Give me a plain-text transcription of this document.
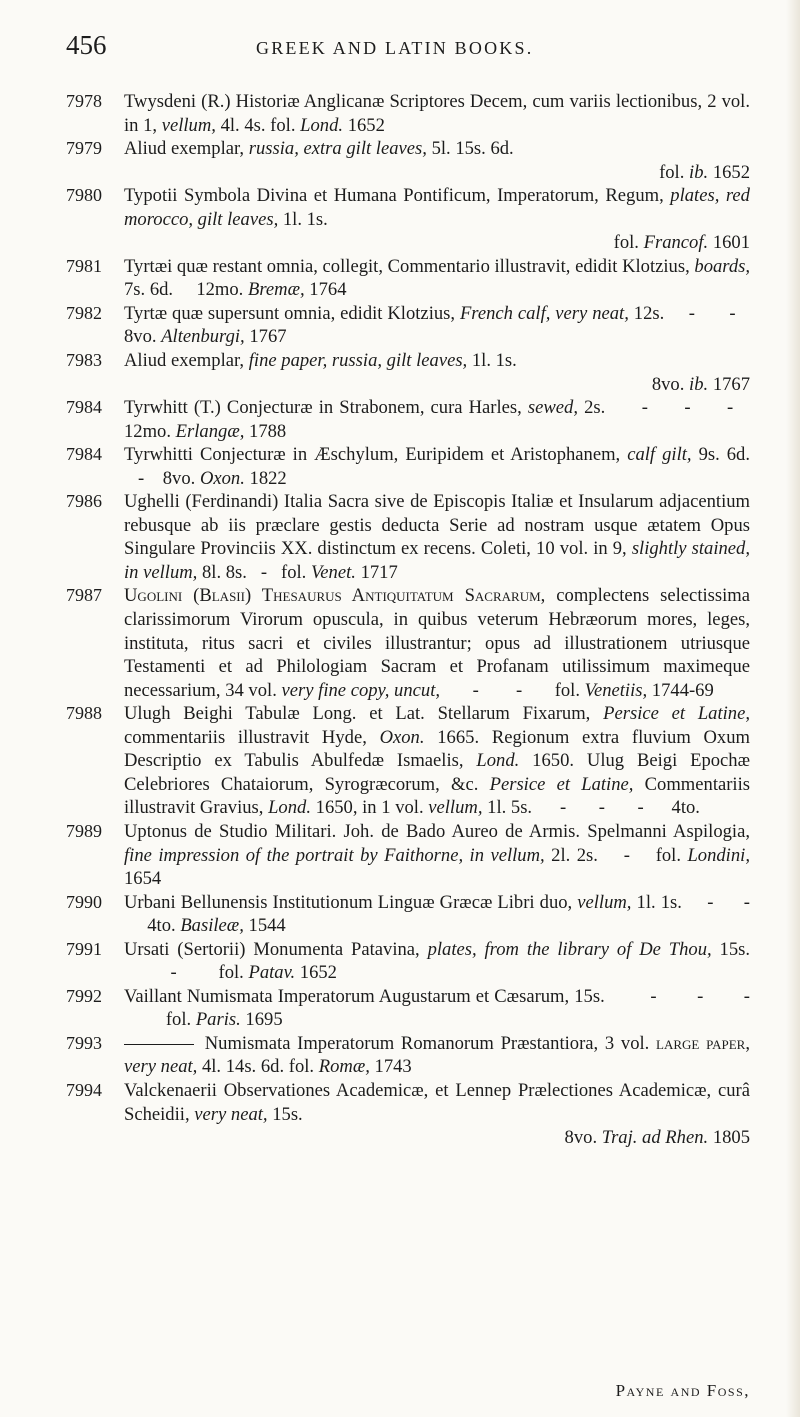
456	GREEK AND LATIN BOOKS.
7978 Twysdeni (R.) Historiæ Anglicanæ Scriptores Decem, cum variis lectionibus, 2 vol. in 1, vellum, 4l. 4s. fol. Lond. 1652
7979 Aliud exemplar, russia, extra gilt leaves, 5l. 15s. 6d.
fol. ib. 1652
7980 Typotii Symbola Divina et Humana Pontificum, Imperatorum, Regum, plates, red morocco, gilt leaves, 1l. 1s.
fol. Francof. 1601
7981 Tyrtæi quæ restant omnia, collegit, Commentario illustravit, edidit Klotzius, boards, 7s. 6d. 12mo. Bremæ, 1764
7982 Tyrtæ quæ supersunt omnia, edidit Klotzius, French calf, very neat, 12s.     -       -    8vo. Altenburgi, 1767
7983 Aliud exemplar, fine paper, russia, gilt leaves, 1l. 1s.
8vo. ib. 1767
7984 Tyrwhitt (T.) Conjecturæ in Strabonem, cura Harles, sewed, 2s.      -      -      -    12mo. Erlangæ, 1788
7984 Tyrwhitti Conjecturæ in Æschylum, Euripidem et Aristophanem, calf gilt, 9s. 6d.    -    8vo. Oxon. 1822
7986 Ughelli (Ferdinandi) Italia Sacra sive de Episcopis Italiæ et Insularum adjacentium rebusque ab iis præclare gestis deducta Serie ad nostram usque ætatem Opus Singulare Provinciis XX. distinctum ex recens. Coleti, 10 vol. in 9, slightly stained, in vellum, 8l. 8s.   -   fol. Venet. 1717
7987 Ugolini (Blasii) Thesaurus Antiquitatum Sacrarum, complectens selectissima clarissimorum Virorum opuscula, in quibus veterum Hebræorum mores, leges, instituta, ritus sacri et civiles illustrantur; opus ad illustrationem utriusque Testamenti et ad Philologiam Sacram et Profanam utilissimum maximeque necessarium, 34 vol. very fine copy, uncut,       -        -       fol. Venetiis, 1744-69
7988 Ulugh Beighi Tabulæ Long. et Lat. Stellarum Fixarum, Persice et Latine, commentariis illustravit Hyde, Oxon. 1665. Regionum extra fluvium Oxum Descriptio ex Tabulis Abulfedæ Ismaelis, Lond. 1650. Ulug Beigi Epochæ Celebriores Chataiorum, Syrogræcorum, &c. Persice et Latine, Commentariis illustravit Gravius, Lond. 1650, in 1 vol. vellum, 1l. 5s.      -       -       -      4to.
7989 Uptonus de Studio Militari. Joh. de Bado Aureo de Armis. Spelmanni Aspilogia, fine impression of the portrait by Faithorne, in vellum, 2l. 2s.    -    fol. Londini, 1654
7990 Urbani Bellunensis Institutionum Linguæ Græcæ Libri duo, vellum, 1l. 1s.     -      -     4to. Basileæ, 1544
7991 Ursati (Sertorii) Monumenta Patavina, plates, from the library of De Thou, 15s.           -         fol. Patav. 1652
7992 Vaillant Numismata Imperatorum Augustarum et Cæsarum, 15s.         -        -        -         fol. Paris. 1695
7993	Numismata Imperatorum Romanorum Præstantiora, 3 vol. large paper, very neat, 4l. 14s. 6d. fol. Romæ, 1743
7994 Valckenaerii Observationes Academicæ, et Lennep Prælectiones Academicæ, curâ Scheidii, very neat, 15s.
8vo. Traj. ad Rhen. 1805
Payne and Foss,
